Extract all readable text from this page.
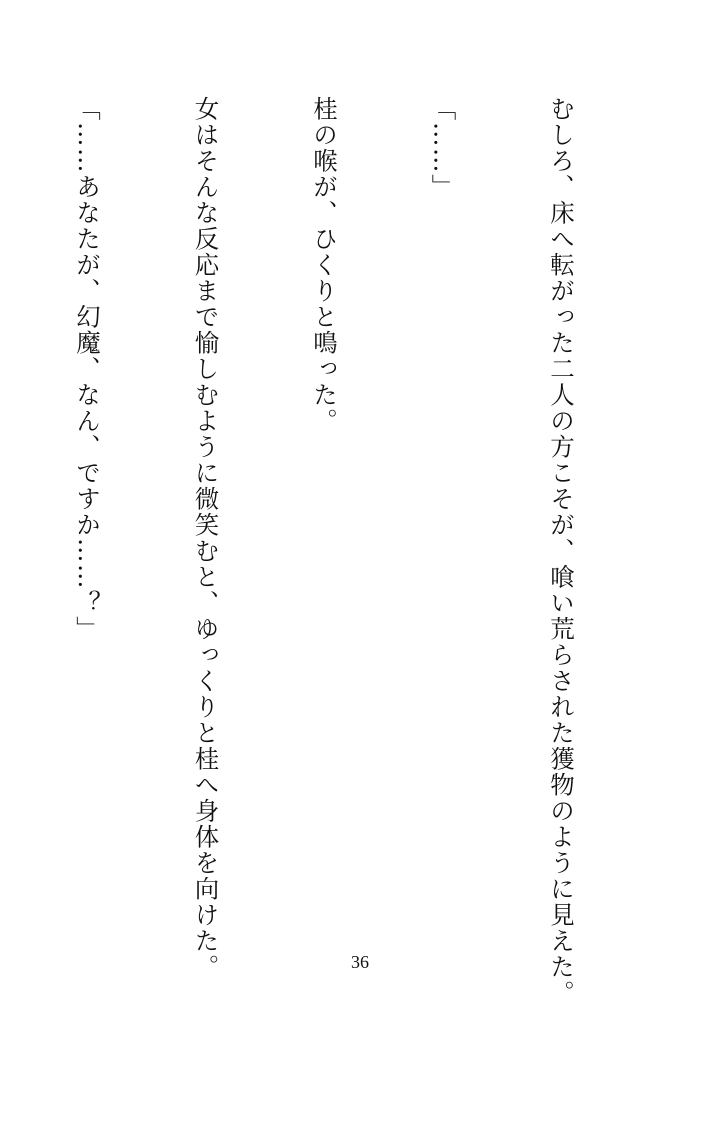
むしろ、床へ転がった二人の方こそが、喰い荒らされた獲物のように見えた。

「……」

桂の喉が、ひくりと鳴った。

女はそんな反応まで愉しむように微笑むと、ゆっくりと桂へ身体を向けた。

「……あなたが、幻魔、なん、ですか……？」

36
